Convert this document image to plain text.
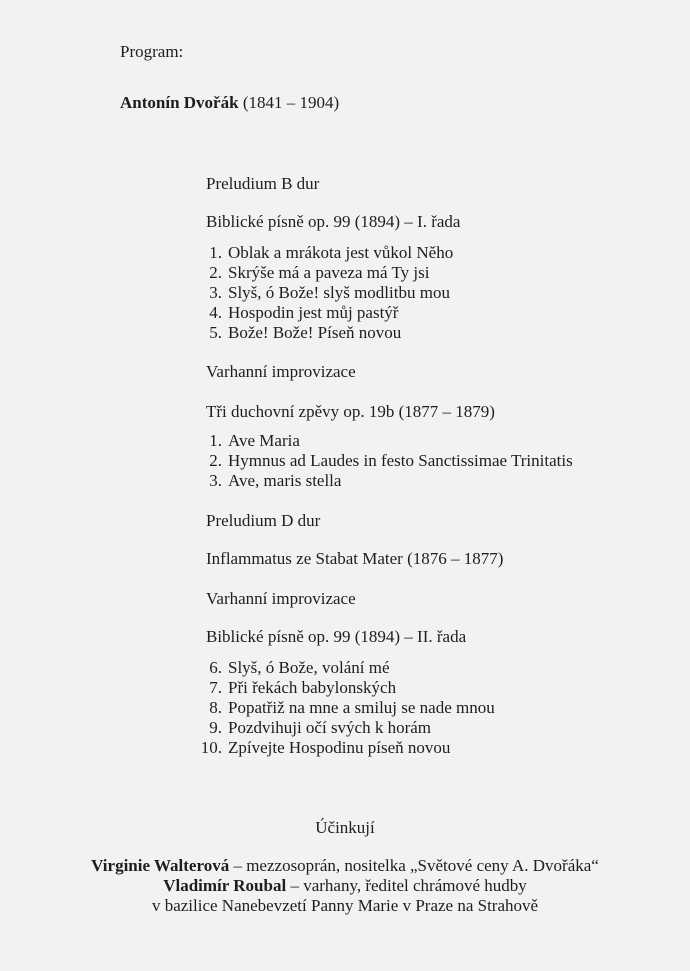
Program:
Antonín Dvořák (1841 – 1904)
Preludium B dur
Biblické písně op. 99 (1894) – I. řada
1. Oblak a mrákota jest vůkol Něho
2. Skrýše má a paveza má Ty jsi
3. Slyš, ó Bože! slyš modlitbu mou
4. Hospodin jest můj pastýř
5. Bože! Bože! Píseň novou
Varhanní improvizace
Tři duchovní zpěvy op. 19b (1877 – 1879)
1. Ave Maria
2. Hymnus ad Laudes in festo Sanctissimae Trinitatis
3. Ave, maris stella
Preludium D dur
Inflammatus ze Stabat Mater (1876 – 1877)
Varhanní improvizace
Biblické písně op. 99 (1894) – II. řada
6. Slyš, ó Bože, volání mé
7. Při řekách babylonských
8. Popatřiž na mne a smiluj se nade mnou
9. Pozdvihuji očí svých k horám
10. Zpívejte Hospodinu píseň novou
Účinkují
Virginie Walterová – mezzosoprán, nositelka „Světové ceny A. Dvořáka“
Vladimír Roubal – varhany, ředitel chrámové hudby
v bazilice Nanebevzetí Panny Marie v Praze na Strahově
